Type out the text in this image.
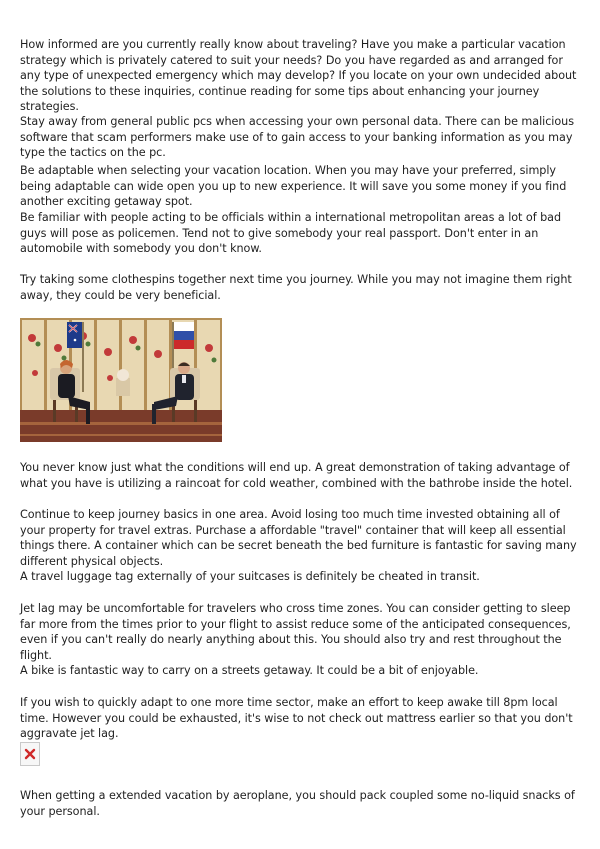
How informed are you currently really know about traveling? Have you make a particular vacation strategy which is privately catered to suit your needs? Do you have regarded as and arranged for any type of unexpected emergency which may develop? If you locate on your own undecided about the solutions to these inquiries, continue reading for some tips about enhancing your journey strategies.

Stay away from general public pcs when accessing your own personal data. There can be malicious software that scam performers make use of to gain access to your banking information as you may type the tactics on the pc.

Be adaptable when selecting your vacation location. When you may have your preferred, simply being adaptable can wide open you up to new experience. It will save you some money if you find another exciting getaway spot.

Be familiar with people acting to be officials within a international metropolitan areas a lot of bad guys will pose as policemen. Tend not to give somebody your real passport. Don't enter in an automobile with somebody you don't know.

Try taking some clothespins together next time you journey. While you may not imagine them right away, they could be very beneficial.

You never know just what the conditions will end up. A great demonstration of taking advantage of what you have is utilizing a raincoat for cold weather, combined with the bathrobe inside the hotel.

Continue to keep journey basics in one area. Avoid losing too much time invested obtaining all of your property for travel extras. Purchase a affordable "travel" container that will keep all essential things there. A container which can be secret beneath the bed furniture is fantastic for saving many different physical objects.

A travel luggage tag externally of your suitcases is definitely be cheated in transit.

Jet lag may be uncomfortable for travelers who cross time zones. You can consider getting to sleep far more from the times prior to your flight to assist reduce some of the anticipated consequences, even if you can't really do nearly anything about this. You should also try and rest throughout the flight.

A bike is fantastic way to carry on a streets getaway. It could be a bit of enjoyable.

If you wish to quickly adapt to one more time sector, make an effort to keep awake till 8pm local time. However you could be exhausted, it's wise to not check out mattress earlier so that you don't aggravate jet lag.

When getting a extended vacation by aeroplane, you should pack coupled some no-liquid snacks of your personal.
